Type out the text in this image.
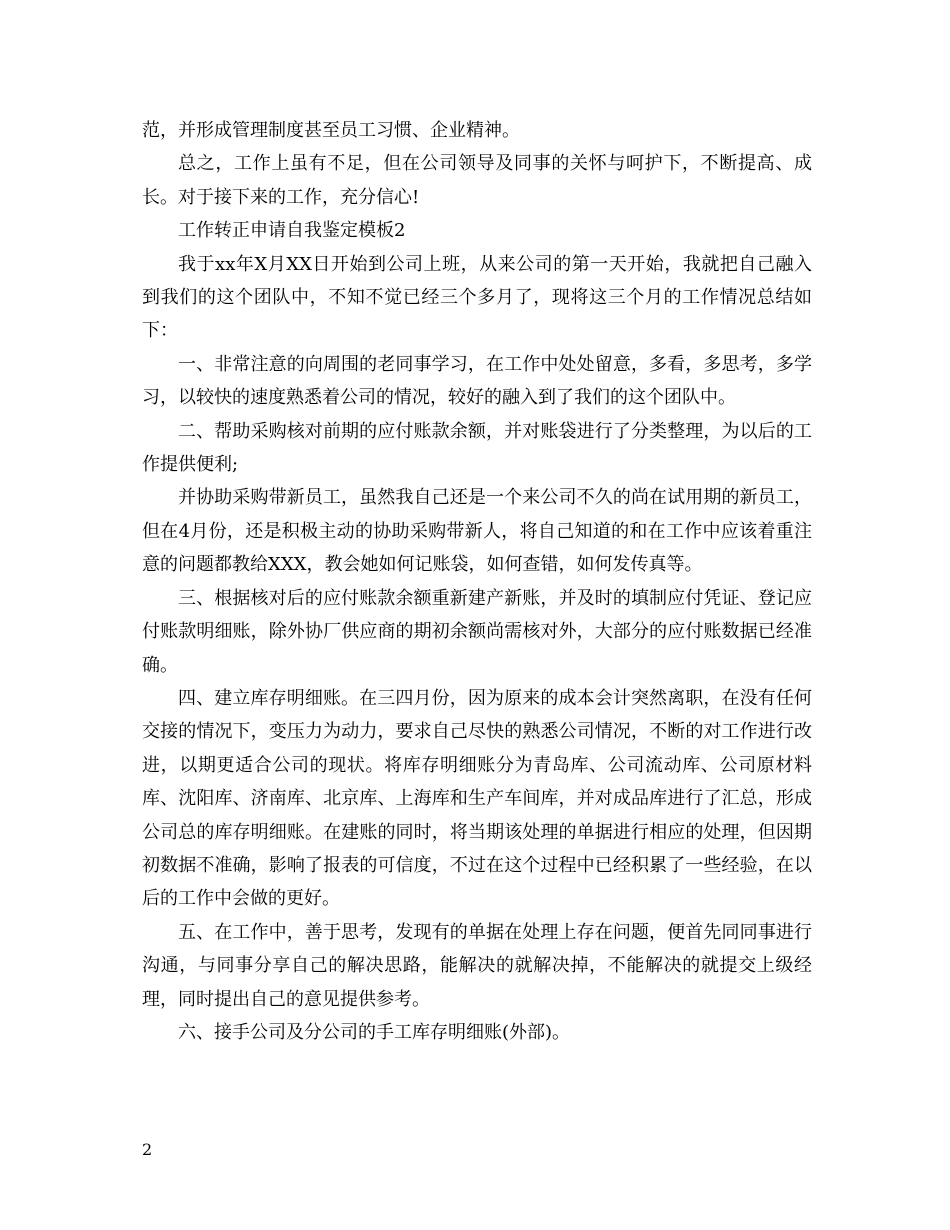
范，并形成管理制度甚至员工习惯、企业精神。

总之，工作上虽有不足，但在公司领导及同事的关怀与呵护下，不断提高、成长。对于接下来的工作，充分信心!

工作转正申请自我鉴定模板2

我于xx年X月XX日开始到公司上班，从来公司的第一天开始，我就把自己融入到我们的这个团队中，不知不觉已经三个多月了，现将这三个月的工作情况总结如下：

一、非常注意的向周围的老同事学习，在工作中处处留意，多看，多思考，多学习，以较快的速度熟悉着公司的情况，较好的融入到了我们的这个团队中。

二、帮助采购核对前期的应付账款余额，并对账袋进行了分类整理，为以后的工作提供便利;

并协助采购带新员工，虽然我自己还是一个来公司不久的尚在试用期的新员工，但在4月份，还是积极主动的协助采购带新人，将自己知道的和在工作中应该着重注意的问题都教给XXX，教会她如何记账袋，如何查错，如何发传真等。

三、根据核对后的应付账款余额重新建产新账，并及时的填制应付凭证、登记应付账款明细账，除外协厂供应商的期初余额尚需核对外，大部分的应付账数据已经准确。

四、建立库存明细账。在三四月份，因为原来的成本会计突然离职，在没有任何交接的情况下，变压力为动力，要求自己尽快的熟悉公司情况，不断的对工作进行改进，以期更适合公司的现状。将库存明细账分为青岛库、公司流动库、公司原材料库、沈阳库、济南库、北京库、上海库和生产车间库，并对成品库进行了汇总，形成公司总的库存明细账。在建账的同时，将当期该处理的单据进行相应的处理，但因期初数据不准确，影响了报表的可信度，不过在这个过程中已经积累了一些经验，在以后的工作中会做的更好。

五、在工作中，善于思考，发现有的单据在处理上存在问题，便首先同同事进行沟通，与同事分享自己的解决思路，能解决的就解决掉，不能解决的就提交上级经理，同时提出自己的意见提供参考。

六、接手公司及分公司的手工库存明细账(外部)。

2
